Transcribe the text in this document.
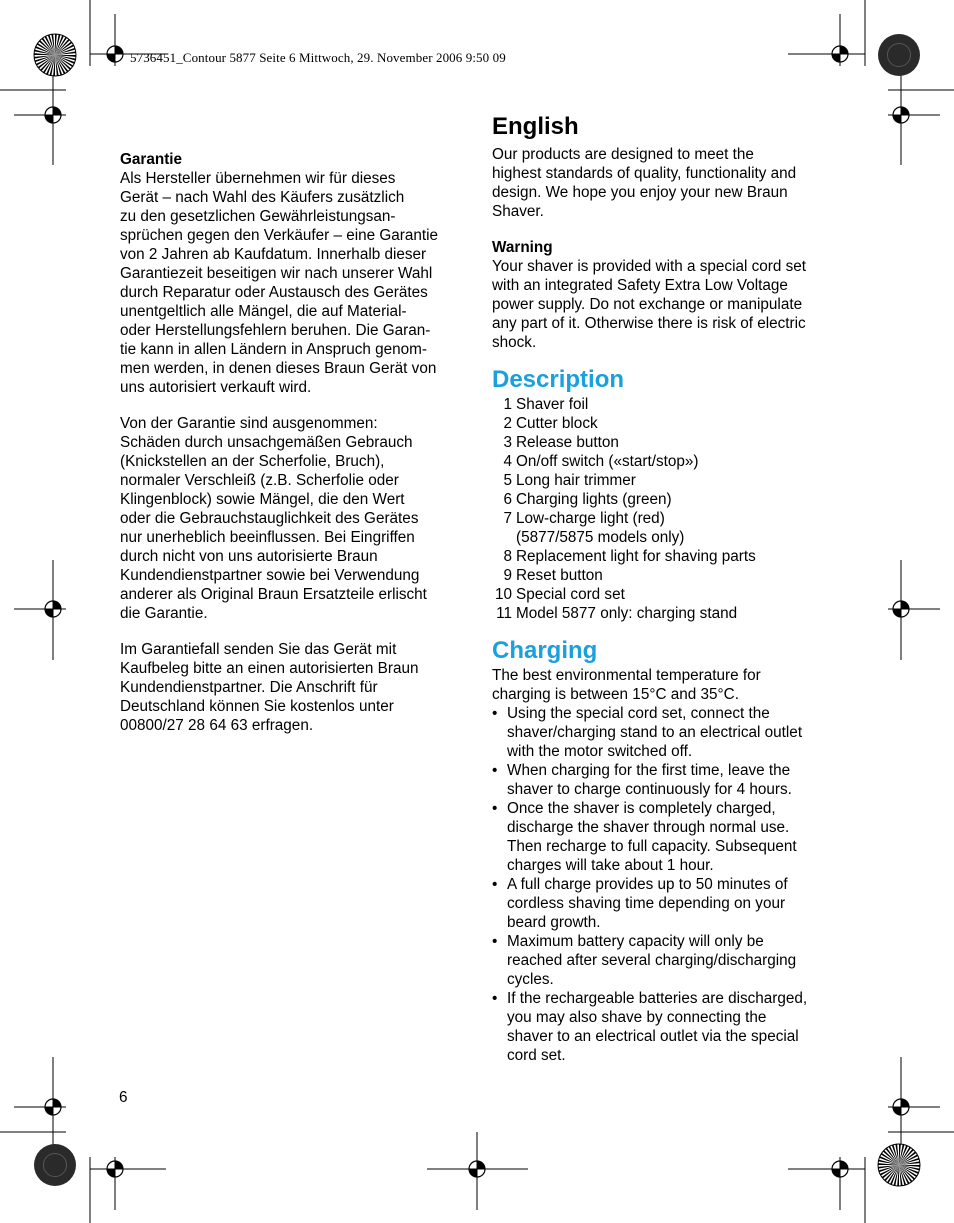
5736451_Contour 5877 Seite 6 Mittwoch, 29. November 2006 9:50 09
Garantie

Als Hersteller übernehmen wir für dieses
Gerät – nach Wahl des Käufers zusätzlich
zu den gesetzlichen Gewährleistungsan-
sprüchen gegen den Verkäufer – eine Garantie
von 2 Jahren ab Kaufdatum. Innerhalb dieser
Garantiezeit beseitigen wir nach unserer Wahl
durch Reparatur oder Austausch des Gerätes
unentgeltlich alle Mängel, die auf Material-
oder Herstellungsfehlern beruhen. Die Garan-
tie kann in allen Ländern in Anspruch genom-
men werden, in denen dieses Braun Gerät von
uns autorisiert verkauft wird.

Von der Garantie sind ausgenommen:
Schäden durch unsachgemäßen Gebrauch
(Knickstellen an der Scherfolie, Bruch),
normaler Verschleiß (z.B. Scherfolie oder
Klingenblock) sowie Mängel, die den Wert
oder die Gebrauchstauglichkeit des Gerätes
nur unerheblich beeinflussen. Bei Eingriffen
durch nicht von uns autorisierte Braun
Kundendienstpartner sowie bei Verwendung
anderer als Original Braun Ersatzteile erlischt
die Garantie.

Im Garantiefall senden Sie das Gerät mit
Kaufbeleg bitte an einen autorisierten Braun
Kundendienstpartner. Die Anschrift für
Deutschland können Sie kostenlos unter
00800/27 28 64 63 erfragen.

English

Our products are designed to meet the
highest standards of quality, functionality and
design. We hope you enjoy your new Braun
Shaver.

Warning

Your shaver is provided with a special cord set
with an integrated Safety Extra Low Voltage
power supply. Do not exchange or manipulate
any part of it. Otherwise there is risk of electric
shock.

Description
1 Shaver foil
2 Cutter block
3 Release button
4 On/off switch («start/stop»)
5 Long hair trimmer
6 Charging lights (green)
7 Low-charge light (red)
(5877/5875 models only)
8 Replacement light for shaving parts
9 Reset button
10 Special cord set
11 Model 5877 only: charging stand
Charging
The best environmental temperature for
charging is between 15°C and 35°C.
• Using the special cord set, connect the
shaver/charging stand to an electrical outlet
with the motor switched off.
• When charging for the first time, leave the
shaver to charge continuously for 4 hours.
• Once the shaver is completely charged,
discharge the shaver through normal use.
Then recharge to full capacity. Subsequent
charges will take about 1 hour.
• A full charge provides up to 50 minutes of
cordless shaving time depending on your
beard growth.
• Maximum battery capacity will only be
reached after several charging/discharging
cycles.
• If the rechargeable batteries are discharged,
you may also shave by connecting the
shaver to an electrical outlet via the special
cord set.
6
